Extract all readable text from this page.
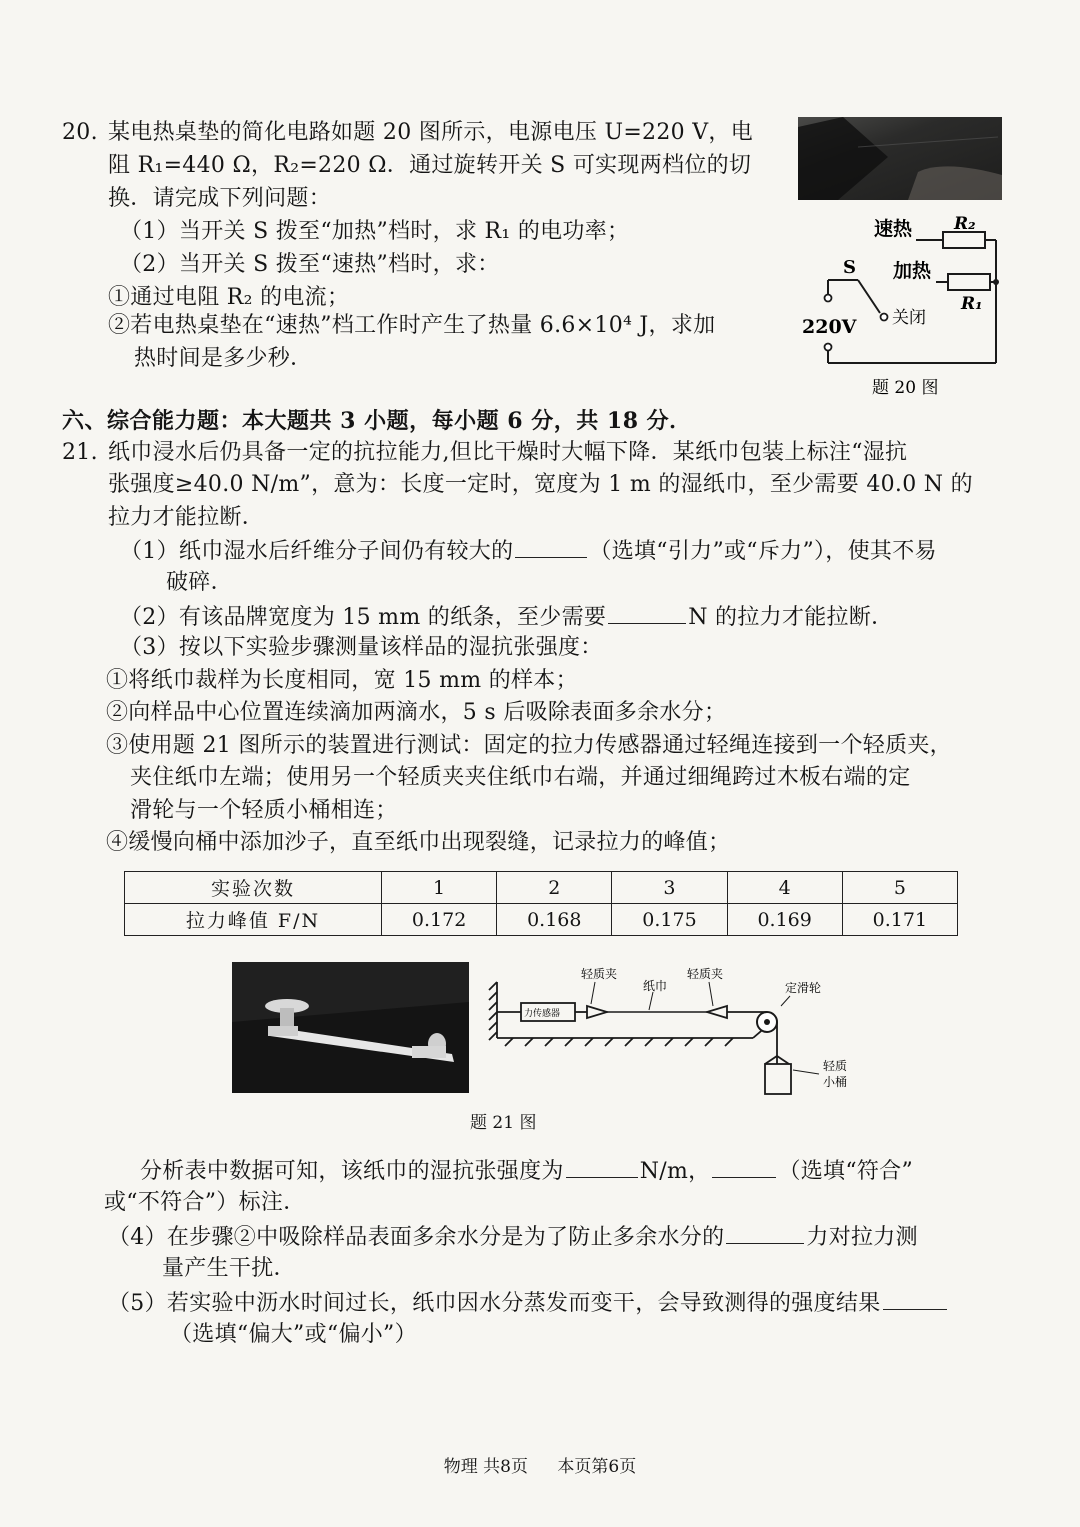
20. 某电热桌垫的简化电路如题 20 图所示，电源电压 U=220 V，电
阻 R₁=440 Ω，R₂=220 Ω．通过旋转开关 S 可实现两档位的切
换．请完成下列问题：
（1）当开关 S 拨至“加热”档时，求 R₁ 的电功率；
（2）当开关 S 拨至“速热”档时，求：
①通过电阻 R₂ 的电流；
②若电热桌垫在“速热”档工作时产生了热量 6.6×10⁴ J，求加
热时间是多少秒．
速热
加热
关闭
S
R₂
R₁
220V
题 20 图
六、综合能力题：本大题共 3 小题，每小题 6 分，共 18 分．
21. 纸巾浸水后仍具备一定的抗拉能力,但比干燥时大幅下降．某纸巾包装上标注“湿抗
张强度≥40.0 N/m”，意为：长度一定时，宽度为 1 m 的湿纸巾，至少需要 40.0 N 的
拉力才能拉断．
（1）纸巾湿水后纤维分子间仍有较大的	（选填“引力”或“斥力”），使其不易
破碎．
（2）有该品牌宽度为 15 mm 的纸条，至少需要	N 的拉力才能拉断．
（3）按以下实验步骤测量该样品的湿抗张强度：
①将纸巾裁样为长度相同，宽 15 mm 的样本；
②向样品中心位置连续滴加两滴水，5 s 后吸除表面多余水分；
③使用题 21 图所示的装置进行测试：固定的拉力传感器通过轻绳连接到一个轻质夹，
夹住纸巾左端；使用另一个轻质夹夹住纸巾右端，并通过细绳跨过木板右端的定
滑轮与一个轻质小桶相连；
④缓慢向桶中添加沙子，直至纸巾出现裂缝，记录拉力的峰值；
实验次数	1	2	3	4	5
拉力峰值 F/N	0.172	0.168	0.175	0.169	0.171
力传感器
轻质夹
纸巾
轻质夹
定滑轮
轻质
小桶
题 21 图
分析表中数据可知，该纸巾的湿抗张强度为	N/m，	（选填“符合”
或“不符合”）标注．
（4）在步骤②中吸除样品表面多余水分是为了防止多余水分的	力对拉力测
量产生干扰．
（5）若实验中沥水时间过长，纸巾因水分蒸发而变干，会导致测得的强度结果
（选填“偏大”或“偏小”）
物理 共8页 本页第6页
